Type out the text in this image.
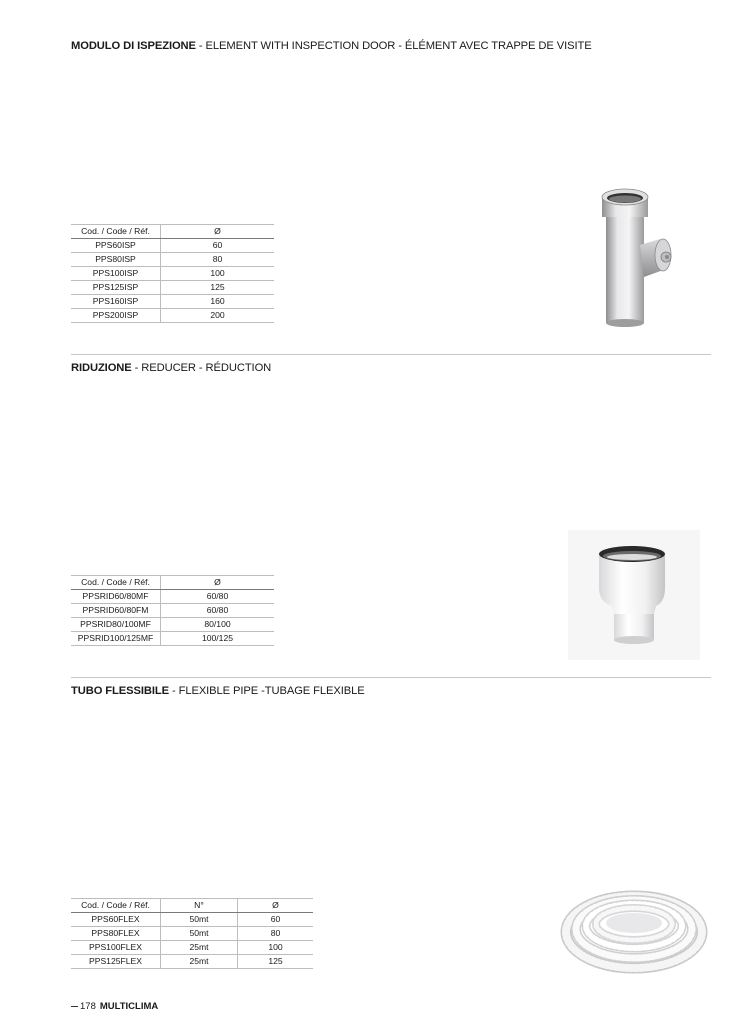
MODULO DI ISPEZIONE - ELEMENT WITH INSPECTION DOOR - ÉLÉMENT AVEC TRAPPE DE VISITE
Cod. / Code / Réf.	Ø
PPS60ISP	60
PPS80ISP	80
PPS100ISP	100
PPS125ISP	125
PPS160ISP	160
PPS200ISP	200
RIDUZIONE - REDUCER - RÉDUCTION
Cod. / Code / Réf.	Ø
PPSRID60/80MF	60/80
PPSRID60/80FM	60/80
PPSRID80/100MF	80/100
PPSRID100/125MF	100/125
TUBO FLESSIBILE - FLEXIBLE PIPE -TUBAGE FLEXIBLE
Cod. / Code / Réf.	N°	Ø
PPS60FLEX	50mt	60
PPS80FLEX	50mt	80
PPS100FLEX	25mt	100
PPS125FLEX	25mt	125
178 MULTICLIMA
